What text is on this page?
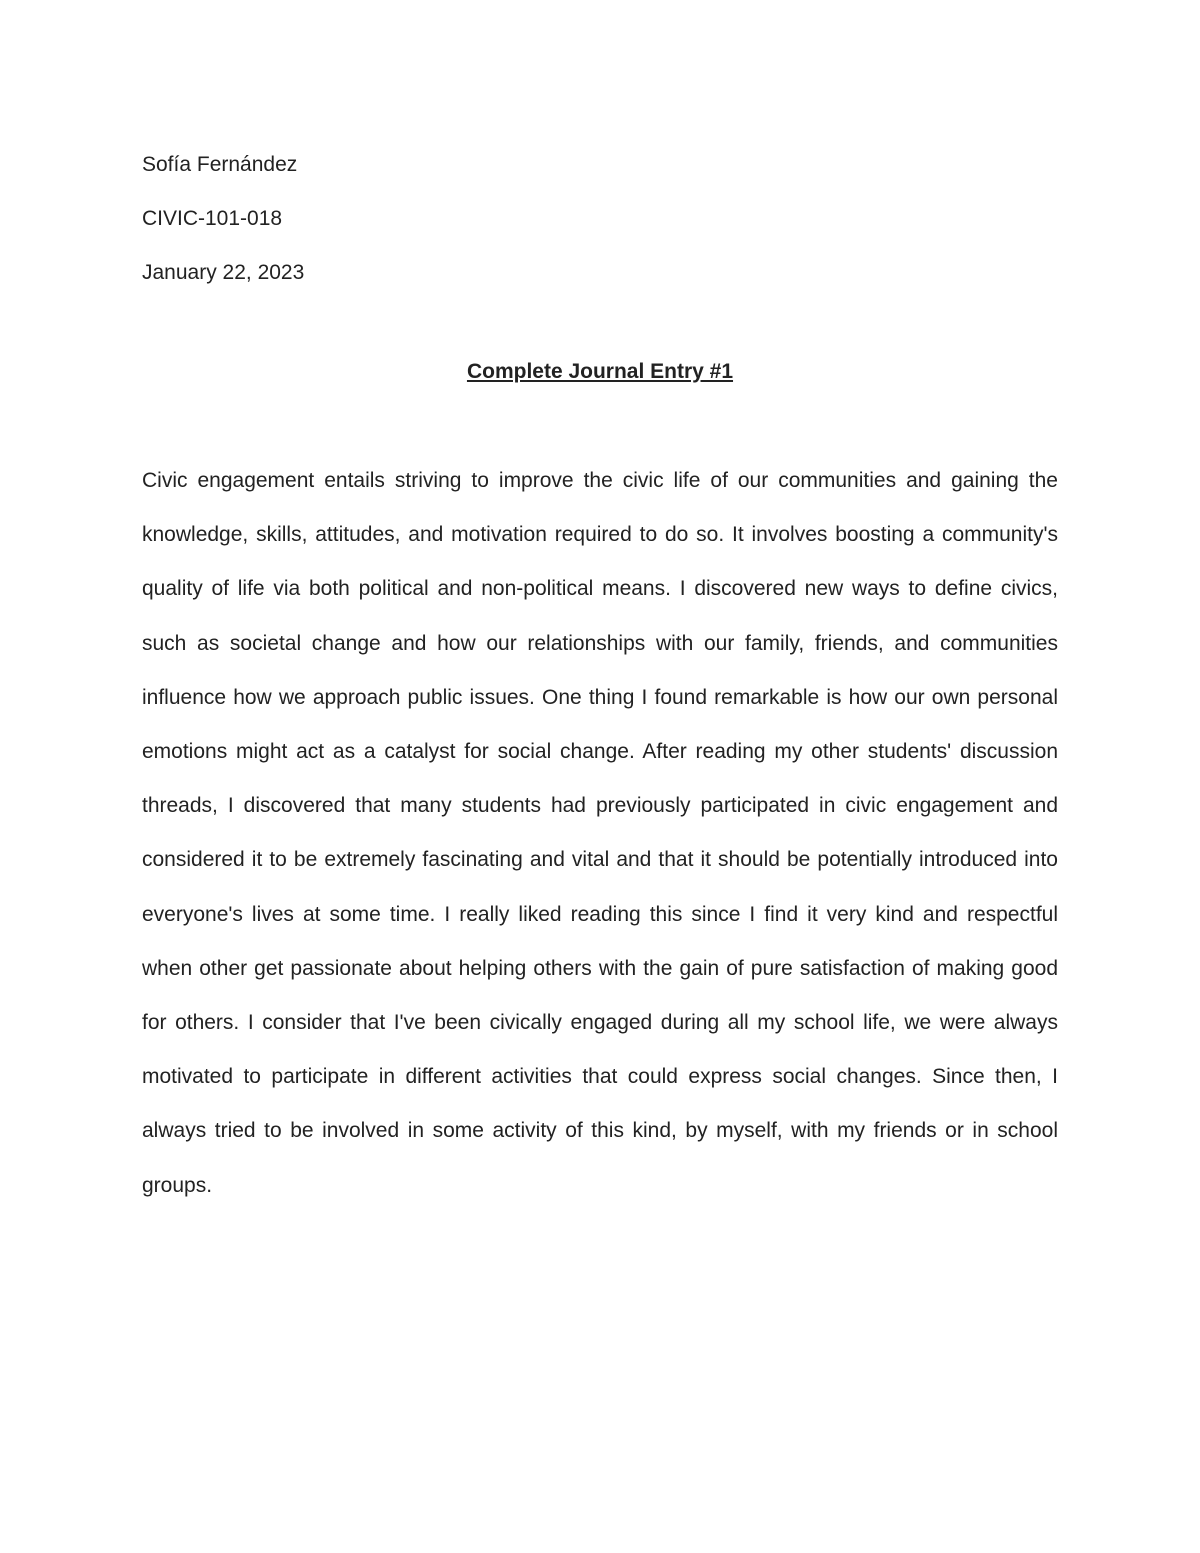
Sofía Fernández
CIVIC-101-018
January 22, 2023
Complete Journal Entry #1

Civic engagement entails striving to improve the civic life of our communities and gaining the knowledge, skills, attitudes, and motivation required to do so. It involves boosting a community's quality of life via both political and non-political means. I discovered new ways to define civics, such as societal change and how our relationships with our family, friends, and communities influence how we approach public issues. One thing I found remarkable is how our own personal emotions might act as a catalyst for social change. After reading my other students' discussion threads, I discovered that many students had previously participated in civic engagement and considered it to be extremely fascinating and vital and that it should be potentially introduced into everyone's lives at some time. I really liked reading this since I find it very kind and respectful when other get passionate about helping others with the gain of pure satisfaction of making good for others. I consider that I've been civically engaged during all my school life, we were always motivated to participate in different activities that could express social changes. Since then, I always tried to be involved in some activity of this kind, by myself, with my friends or in school groups.
